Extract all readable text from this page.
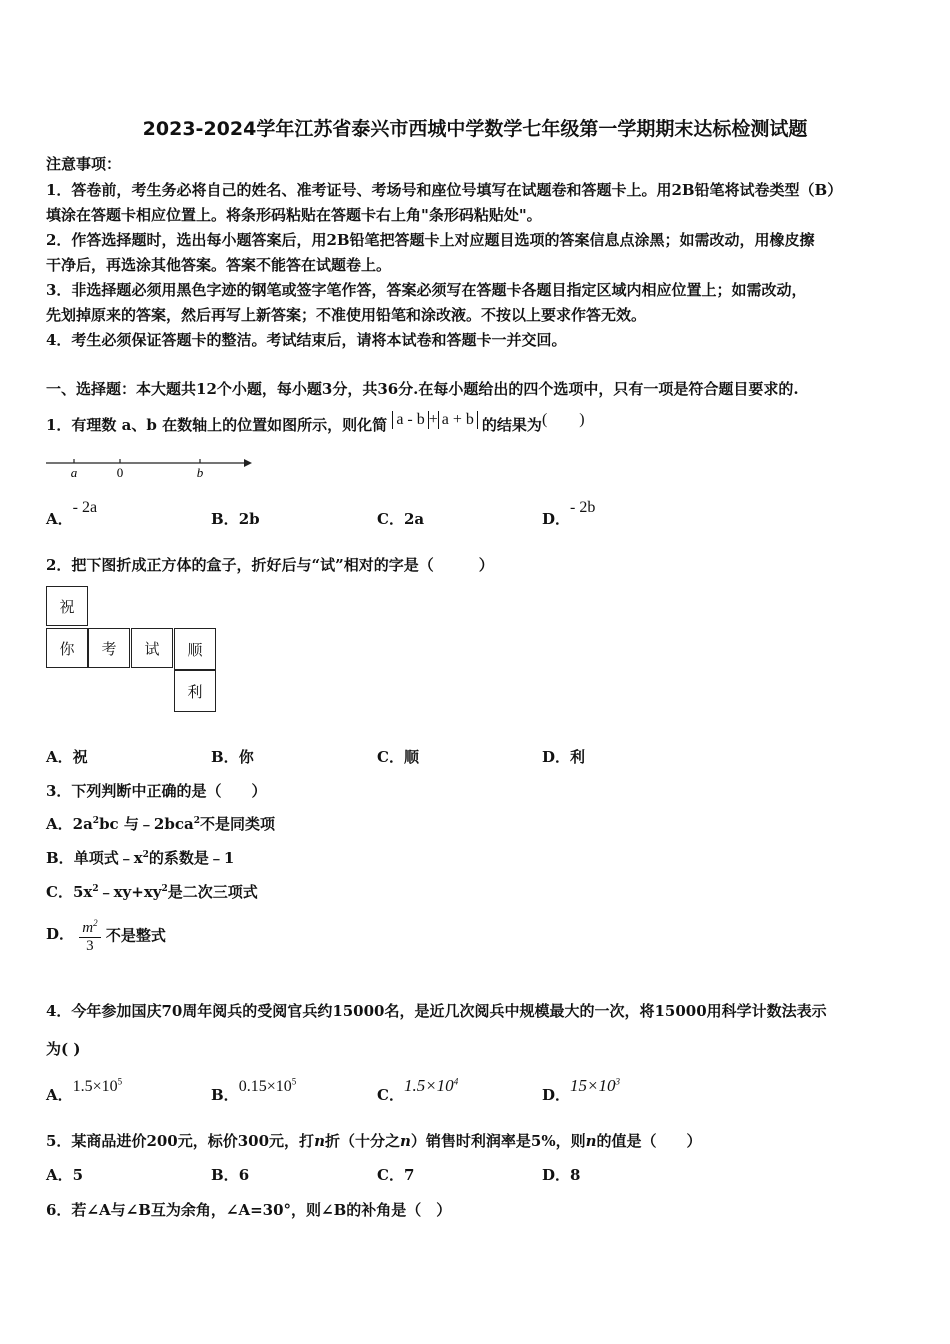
2023-2024学年江苏省泰兴市西城中学数学七年级第一学期期末达标检测试题
注意事项：
1．答卷前，考生务必将自己的姓名、准考证号、考场号和座位号填写在试题卷和答题卡上。用2B铅笔将试卷类型（B）
填涂在答题卡相应位置上。将条形码粘贴在答题卡右上角"条形码粘贴处"。
2．作答选择题时，选出每小题答案后，用2B铅笔把答题卡上对应题目选项的答案信息点涂黑；如需改动，用橡皮擦
干净后，再选涂其他答案。答案不能答在试题卷上。
3．非选择题必须用黑色字迹的钢笔或签字笔作答，答案必须写在答题卡各题目指定区域内相应位置上；如需改动，
先划掉原来的答案，然后再写上新答案；不准使用铅笔和涂改液。不按以上要求作答无效。
4．考生必须保证答题卡的整洁。考试结束后，请将本试卷和答题卡一并交回。
一、选择题：本大题共12个小题，每小题3分，共36分.在每小题给出的四个选项中，只有一项是符合题目要求的.
1．有理数 a、b 在数轴上的位置如图所示，则化简 a - b + a + b 的结果为(　　)
a	0	b
A．- 2a
B．2b	C．2a	D．- 2b
2．把下图折成正方体的盒子，折好后与“试”相对的字是（　　　）
祝
你	考	试	顺
利
A．祝	B．你	C．顺	D．利
3．下列判断中正确的是（　　）
A．$2a^2bc$ 与﹣2bca$^2$不是同类项
B．单项式$﹣x^2$的系数是﹣1
C．$5x^2﹣xy+xy^2$是二次三项式
D． $\frac{m^2}{3}$ 不是整式
4．今年参加国庆70周年阅兵的受阅官兵约15000名，是近几次阅兵中规模最大的一次，将15000用科学计数法表示
为( )
A．$1.5\times 10^5$
B．$0.15\times 10^5$
C．$1.5\times 10^4$
D．$15\times 10^3$
5．某商品进价200元，标价300元，打n折（十分之n）销售时利润率是5%，则n的值是（　　）
A．5	B．6	C．7	D．8
6．若∠A与∠B互为余角，∠A=30°，则∠B的补角是（　）
